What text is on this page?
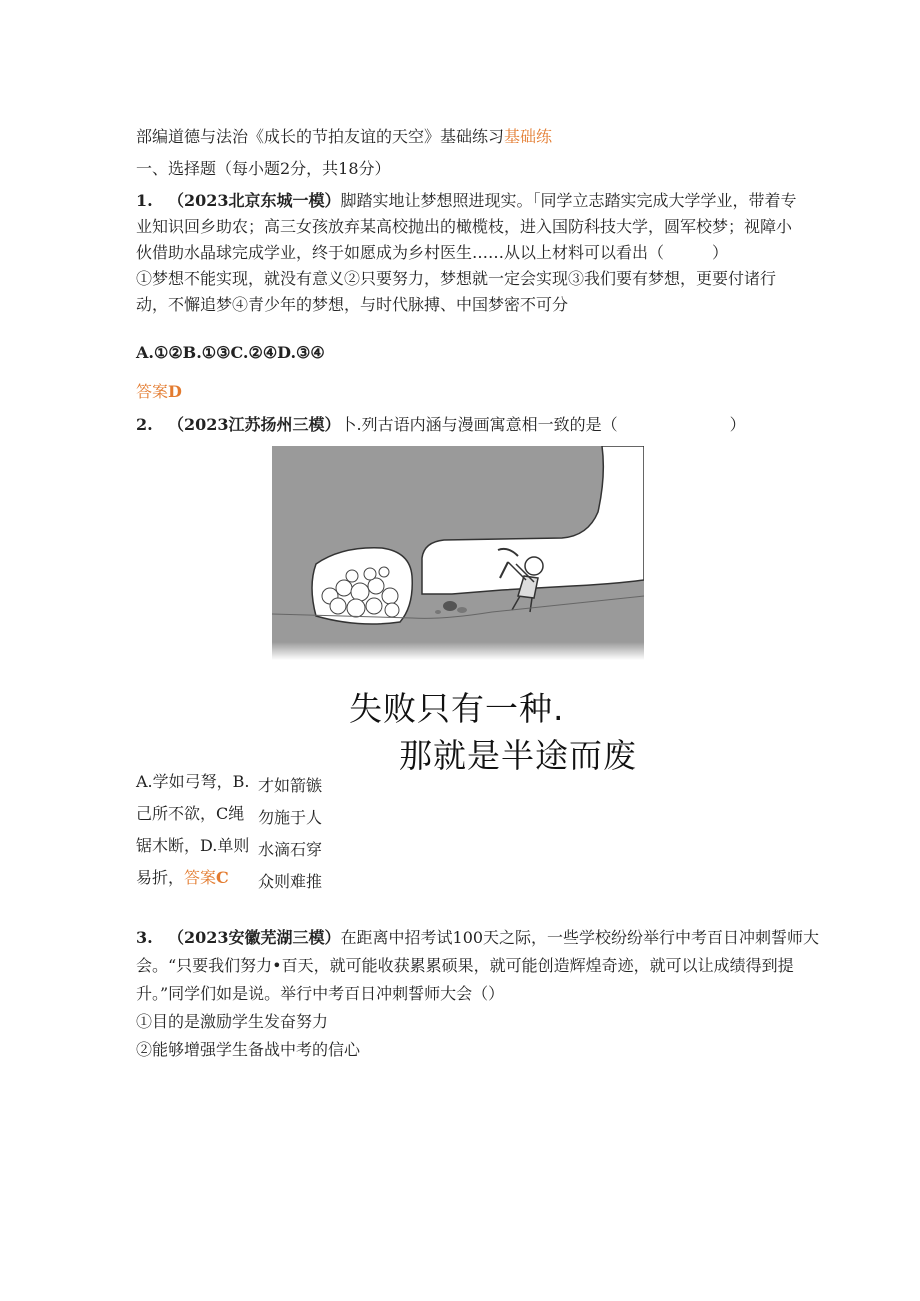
部编道德与法治《成长的节拍友谊的天空》基础练习基础练
一、选择题（每小题2分，共18分）
1. （2023北京东城一模）脚踏实地让梦想照进现实。「同学立志踏实完成大学学业，带着专
业知识回乡助农；高三女孩放弃某高校抛出的橄榄枝，进入国防科技大学，圆军校梦；视障小
伙借助水晶球完成学业，终于如愿成为乡村医生……从以上材料可以看出（　　　）
①梦想不能实现，就没有意义②只要努力，梦想就一定会实现③我们要有梦想，更要付诸行
动，不懈追梦④青少年的梦想，与时代脉搏、中国梦密不可分
A.①②B.①③C.②④D.③④
答案D
2. （2023江苏扬州三模）卜.列古语内涵与漫画寓意相一致的是（　　　　　　　）
失败只有一种.
那就是半途而废
A.学如弓弩，B.
己所不欲，C绳
锯木断，D.单则
易折，答案C
才如箭镞
勿施于人
水滴石穿
众则难推
3. （2023安徽芜湖三模）在距离中招考试100天之际，一些学校纷纷举行中考百日冲刺誓师大
会。“只要我们努力•百天，就可能收获累累硕果，就可能创造辉煌奇迹，就可以让成绩得到提
升。”同学们如是说。举行中考百日冲刺誓师大会（）
①目的是激励学生发奋努力
②能够增强学生备战中考的信心
